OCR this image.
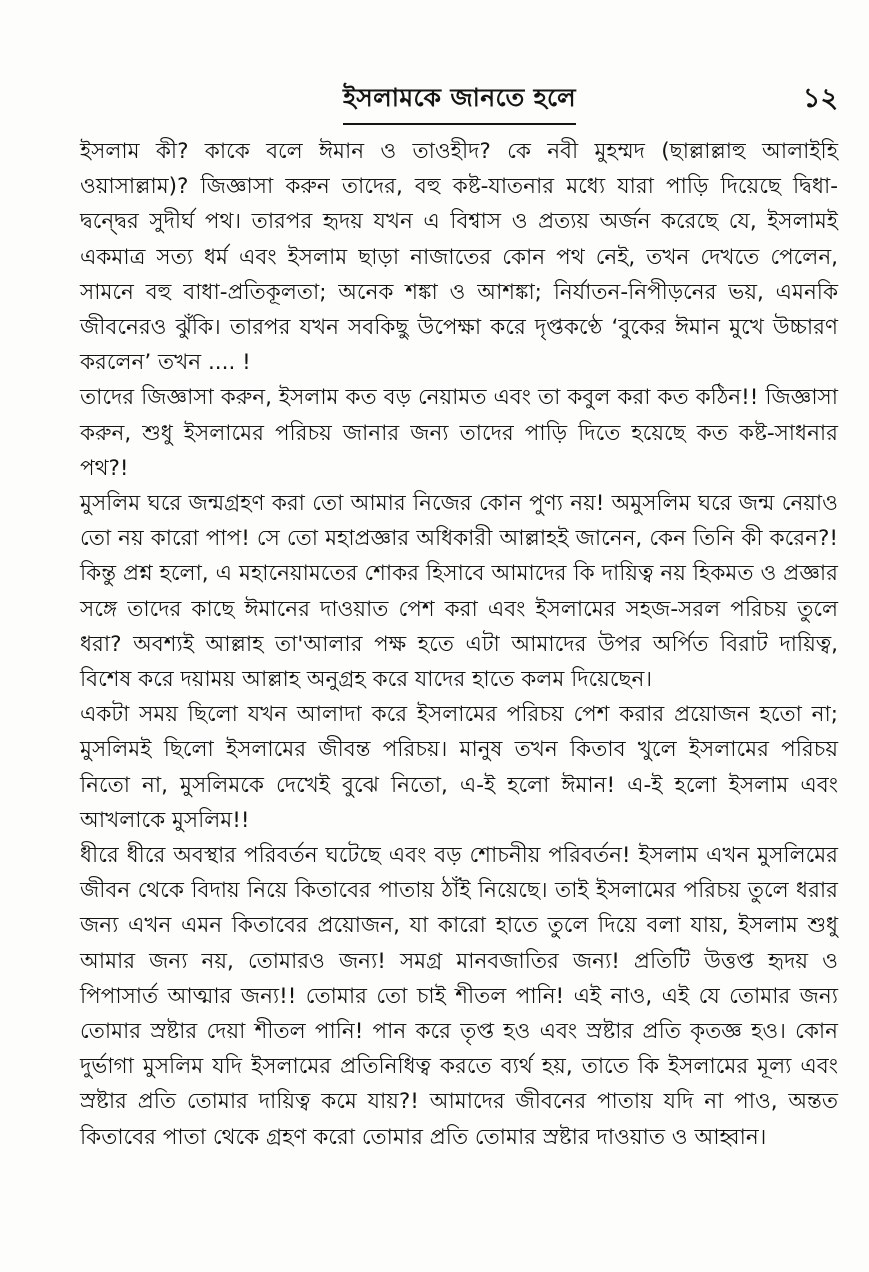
ইসলামকে জানতে হলে	১২

ইসলাম কী? কাকে বলে ঈমান ও তাওহীদ? কে নবী মুহম্মদ (ছাল্লাল্লাহু আলাইহি ওয়াসাল্লাম)? জিজ্ঞাসা করুন তাদের, বহু কষ্ট-যাতনার মধ্যে যারা পাড়ি দিয়েছে দ্বিধা-দ্বন্দ্বের সুদীর্ঘ পথ। তারপর হৃদয় যখন এ বিশ্বাস ও প্রত্যয় অর্জন করেছে যে, ইসলামই একমাত্র সত্য ধর্ম এবং ইসলাম ছাড়া নাজাতের কোন পথ নেই, তখন দেখতে পেলেন, সামনে বহু বাধা-প্রতিকূলতা; অনেক শঙ্কা ও আশঙ্কা; নির্যাতন-নিপীড়নের ভয়, এমনকি জীবনেরও ঝুঁকি। তারপর যখন সবকিছু উপেক্ষা করে দৃপ্তকণ্ঠে ‘বুকের ঈমান মুখে উচ্চারণ করলেন’ তখন .... !

তাদের জিজ্ঞাসা করুন, ইসলাম কত বড় নেয়ামত এবং তা কবুল করা কত কঠিন!! জিজ্ঞাসা করুন, শুধু ইসলামের পরিচয় জানার জন্য তাদের পাড়ি দিতে হয়েছে কত কষ্ট-সাধনার পথ?!

মুসলিম ঘরে জন্মগ্রহণ করা তো আমার নিজের কোন পুণ্য নয়! অমুসলিম ঘরে জন্ম নেয়াও তো নয় কারো পাপ! সে তো মহাপ্রজ্ঞার অধিকারী আল্লাহই জানেন, কেন তিনি কী করেন?! কিন্তু প্রশ্ন হলো, এ মহানেয়ামতের শোকর হিসাবে আমাদের কি দায়িত্ব নয় হিকমত ও প্রজ্ঞার সঙ্গে তাদের কাছে ঈমানের দাওয়াত পেশ করা এবং ইসলামের সহজ-সরল পরিচয় তুলে ধরা? অবশ্যই আল্লাহ তা'আলার পক্ষ হতে এটা আমাদের উপর অর্পিত বিরাট দায়িত্ব, বিশেষ করে দয়াময় আল্লাহ অনুগ্রহ করে যাদের হাতে কলম দিয়েছেন।

একটা সময় ছিলো যখন আলাদা করে ইসলামের পরিচয় পেশ করার প্রয়োজন হতো না; মুসলিমই ছিলো ইসলামের জীবন্ত পরিচয়। মানুষ তখন কিতাব খুলে ইসলামের পরিচয় নিতো না, মুসলিমকে দেখেই বুঝে নিতো, এ-ই হলো ঈমান! এ-ই হলো ইসলাম এবং আখলাকে মুসলিম!!

ধীরে ধীরে অবস্থার পরিবর্তন ঘটেছে এবং বড় শোচনীয় পরিবর্তন! ইসলাম এখন মুসলিমের জীবন থেকে বিদায় নিয়ে কিতাবের পাতায় ঠাঁই নিয়েছে। তাই ইসলামের পরিচয় তুলে ধরার জন্য এখন এমন কিতাবের প্রয়োজন, যা কারো হাতে তুলে দিয়ে বলা যায়, ইসলাম শুধু আমার জন্য নয়, তোমারও জন্য! সমগ্র মানবজাতির জন্য! প্রতিটি উত্তপ্ত হৃদয় ও পিপাসার্ত আত্মার জন্য!! তোমার তো চাই শীতল পানি! এই নাও, এই যে তোমার জন্য তোমার স্রষ্টার দেয়া শীতল পানি! পান করে তৃপ্ত হও এবং স্রষ্টার প্রতি কৃতজ্ঞ হও। কোন দুর্ভাগা মুসলিম যদি ইসলামের প্রতিনিধিত্ব করতে ব্যর্থ হয়, তাতে কি ইসলামের মূল্য এবং স্রষ্টার প্রতি তোমার দায়িত্ব কমে যায়?! আমাদের জীবনের পাতায় যদি না পাও, অন্তত কিতাবের পাতা থেকে গ্রহণ করো তোমার প্রতি তোমার স্রষ্টার দাওয়াত ও আহ্বান।
